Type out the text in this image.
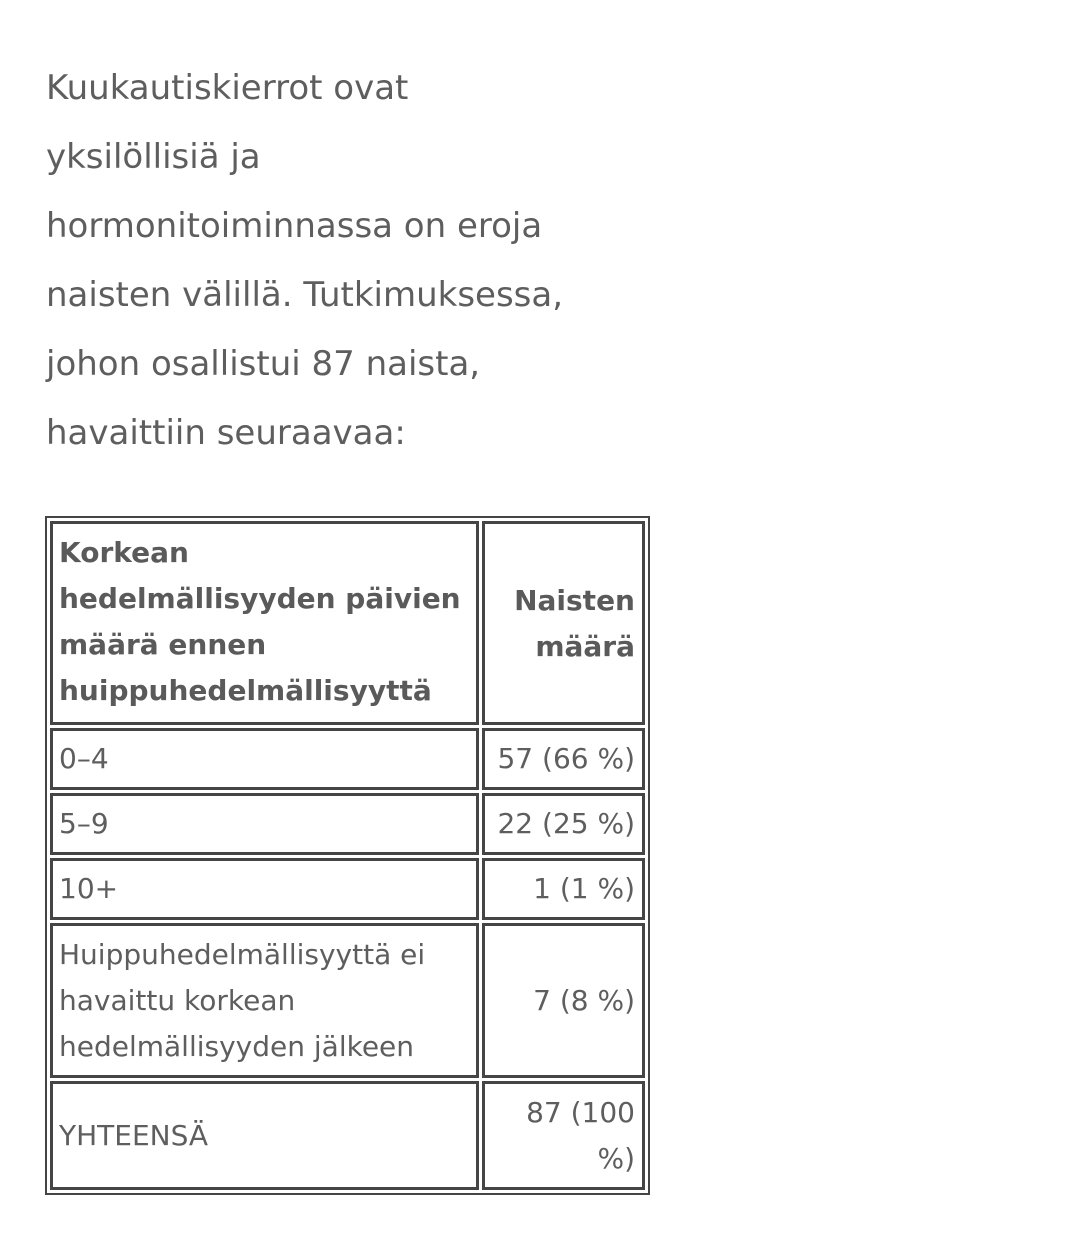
Kuukautiskierrot ovat
yksilöllisiä ja
hormonitoiminnassa on eroja
naisten välillä. Tutkimuksessa,
johon osallistui 87 naista,
havaittiin seuraavaa:

Korkean hedelmällisyyden päivien määrä ennen huippuhedelmällisyyttä	Naisten määrä
0–4	57 (66 %)
5–9	22 (25 %)
10+	1 (1 %)
Huippuhedelmällisyyttä ei havaittu korkean hedelmällisyyden jälkeen	7 (8 %)
YHTEENSÄ	87 (100 %)
